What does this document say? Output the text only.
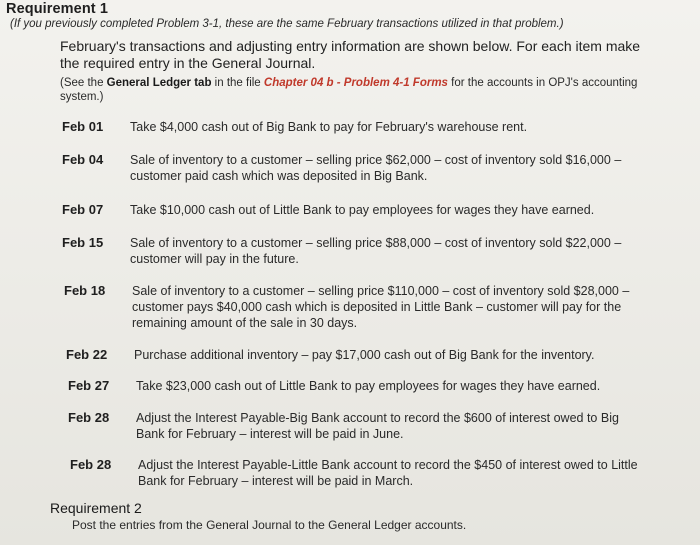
Requirement 1
(If you previously completed Problem 3-1, these are the same February transactions utilized in that problem.)
February's transactions and adjusting entry information are shown below. For each item make the required entry in the General Journal.
(See the General Ledger tab in the file Chapter 04 b - Problem 4-1 Forms for the accounts in OPJ's accounting system.)
Feb 01 Take $4,000 cash out of Big Bank to pay for February's warehouse rent.
Feb 04 Sale of inventory to a customer – selling price $62,000 – cost of inventory sold $16,000 – customer paid cash which was deposited in Big Bank.
Feb 07 Take $10,000 cash out of Little Bank to pay employees for wages they have earned.
Feb 15 Sale of inventory to a customer – selling price $88,000 – cost of inventory sold $22,000 – customer will pay in the future.
Feb 18 Sale of inventory to a customer – selling price $110,000 – cost of inventory sold $28,000 – customer pays $40,000 cash which is deposited in Little Bank – customer will pay for the remaining amount of the sale in 30 days.
Feb 22 Purchase additional inventory – pay $17,000 cash out of Big Bank for the inventory.
Feb 27 Take $23,000 cash out of Little Bank to pay employees for wages they have earned.
Feb 28 Adjust the Interest Payable-Big Bank account to record the $600 of interest owed to Big Bank for February – interest will be paid in June.
Feb 28 Adjust the Interest Payable-Little Bank account to record the $450 of interest owed to Little Bank for February – interest will be paid in March.
Requirement 2
Post the entries from the General Journal to the General Ledger accounts.
